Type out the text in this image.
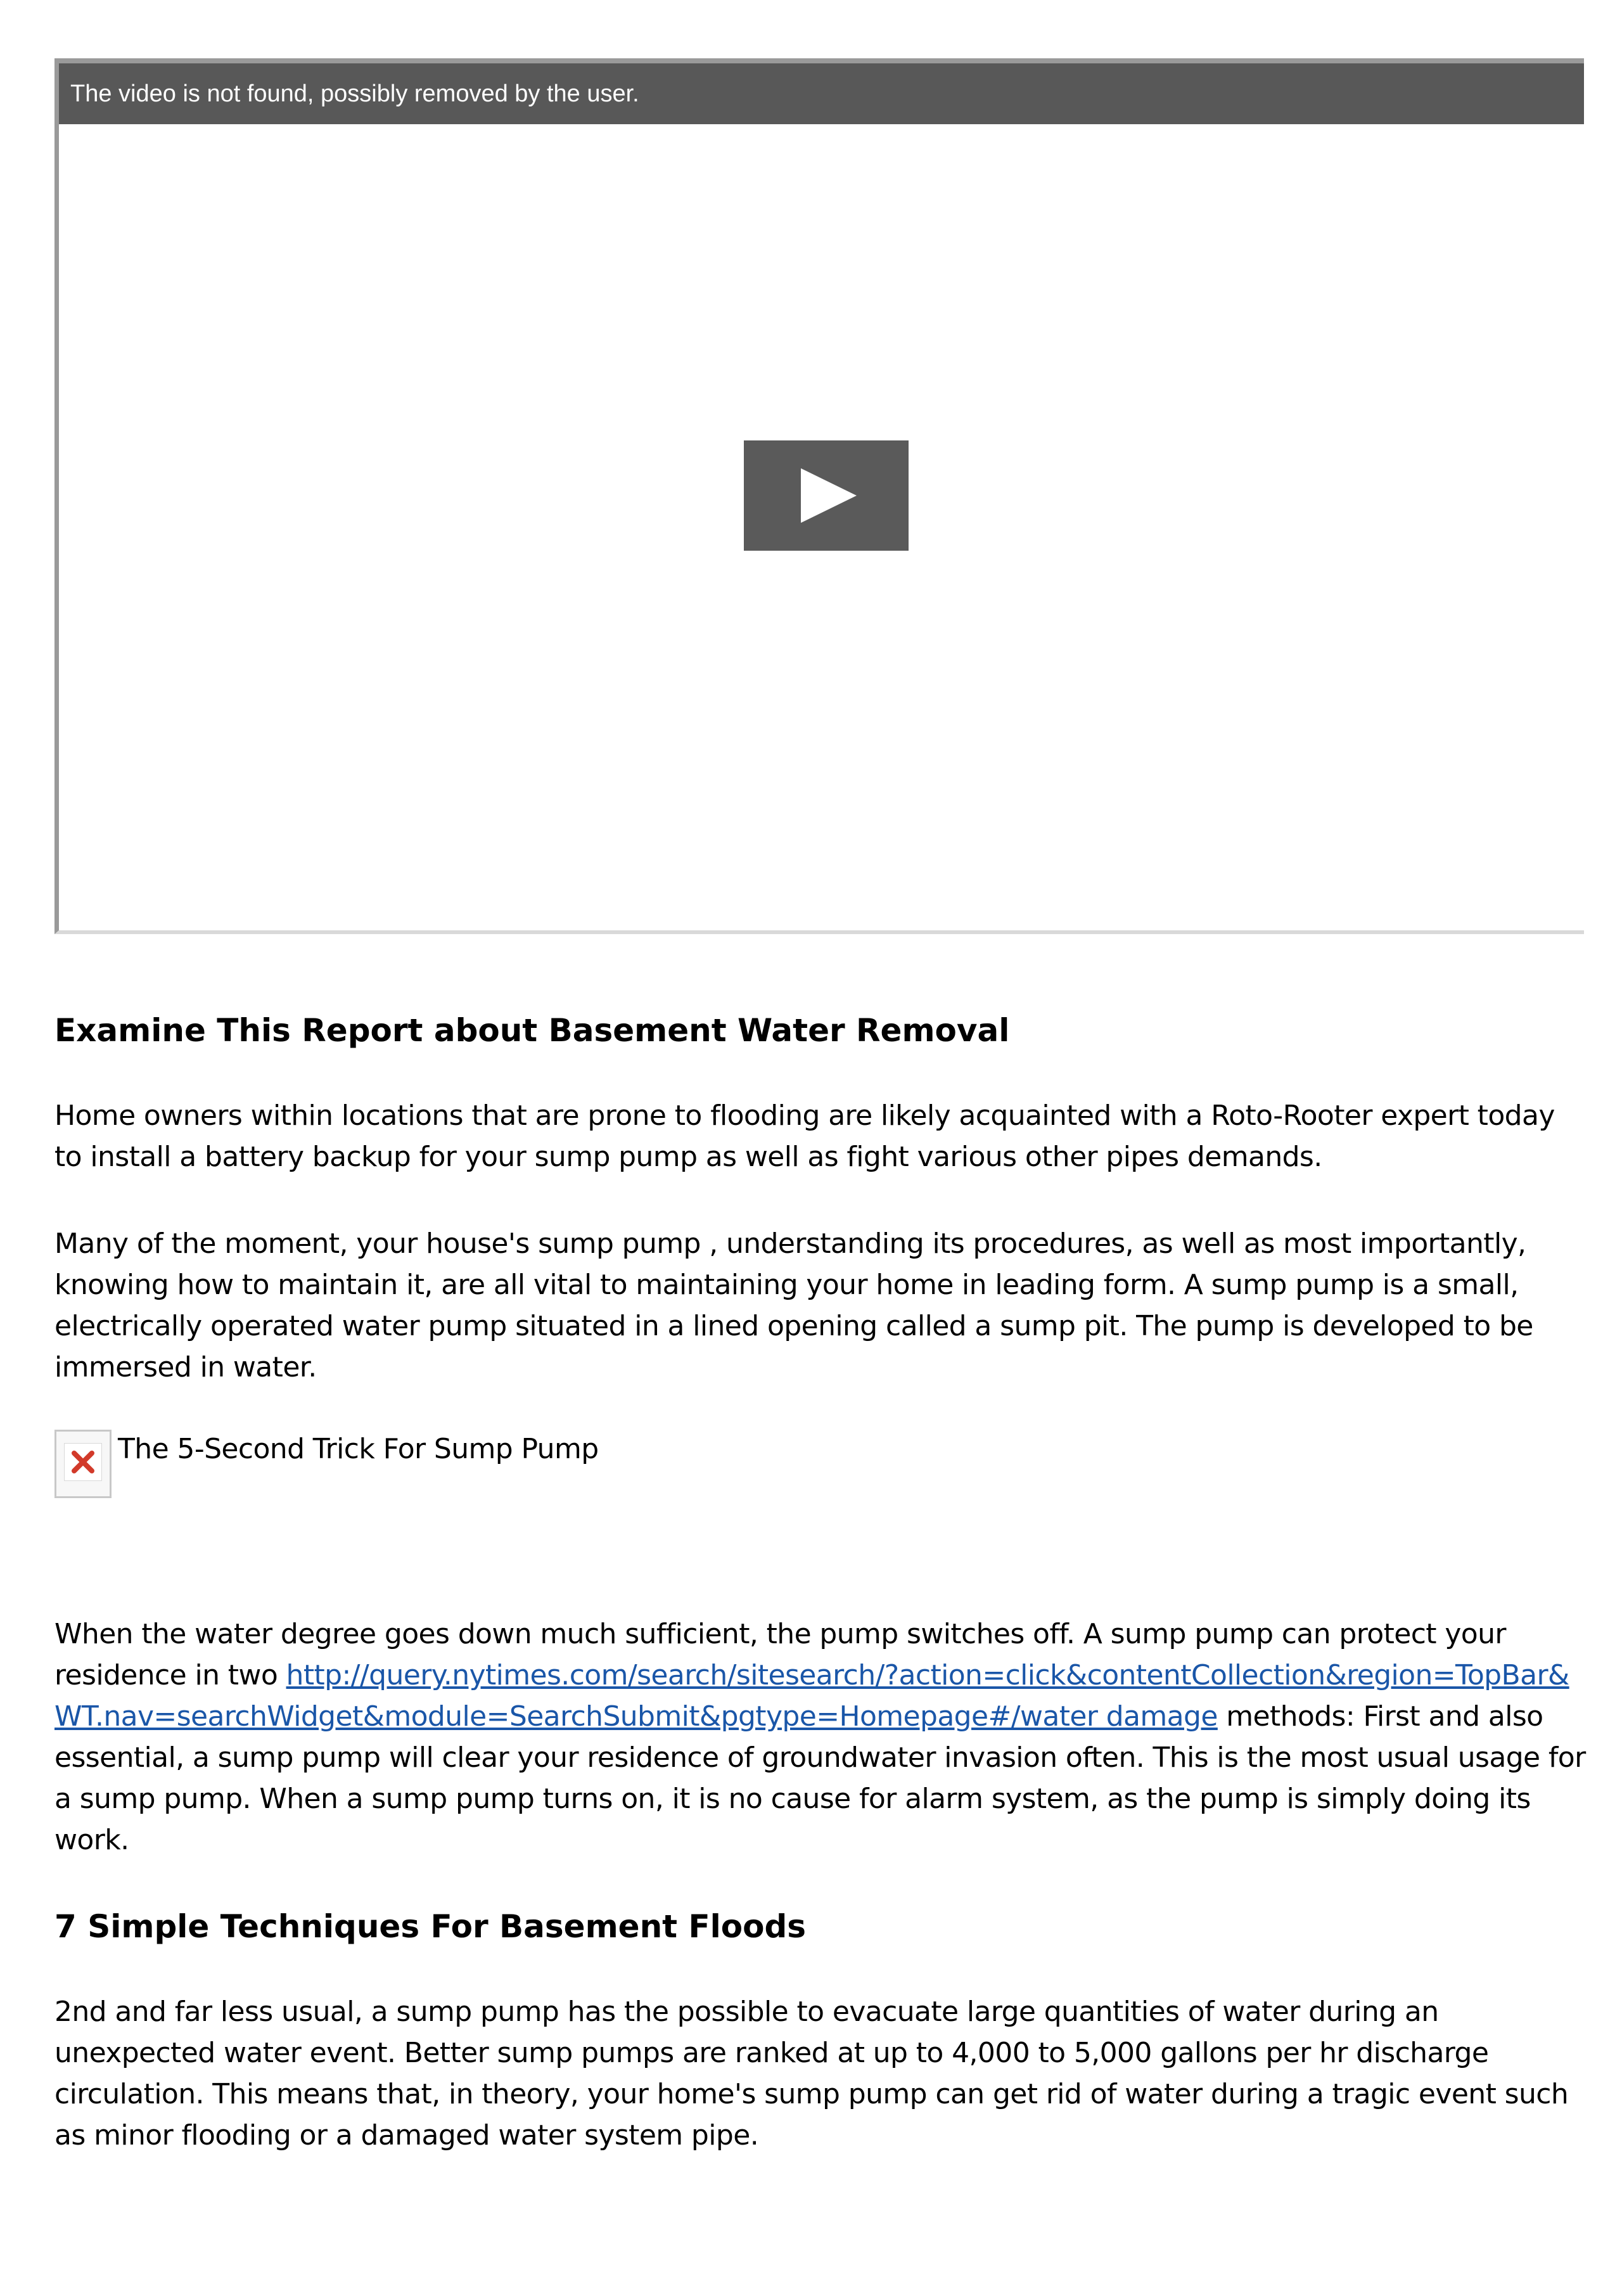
The video is not found, possibly removed by the user.
Examine This Report about Basement Water Removal

Home owners within locations that are prone to flooding are likely acquainted with a Roto-Rooter expert today to install a battery backup for your sump pump as well as fight various other pipes demands.

Many of the moment, your house's sump pump , understanding its procedures, as well as most importantly, knowing how to maintain it, are all vital to maintaining your home in leading form. A sump pump is a small, electrically operated water pump situated in a lined opening called a sump pit. The pump is developed to be immersed in water.

The 5-Second Trick For Sump Pump

When the water degree goes down much sufficient, the pump switches off. A sump pump can protect your residence in two http://query.nytimes.com/search/sitesearch/?action=click&contentCollection&region=TopBar&WT.nav=searchWidget&module=SearchSubmit&pgtype=Homepage#/water damage methods: First and also essential, a sump pump will clear your residence of groundwater invasion often. This is the most usual usage for a sump pump. When a sump pump turns on, it is no cause for alarm system, as the pump is simply doing its work.

7 Simple Techniques For Basement Floods

2nd and far less usual, a sump pump has the possible to evacuate large quantities of water during an unexpected water event. Better sump pumps are ranked at up to 4,000 to 5,000 gallons per hr discharge circulation. This means that, in theory, your home's sump pump can get rid of water during a tragic event such as minor flooding or a damaged water system pipe.
